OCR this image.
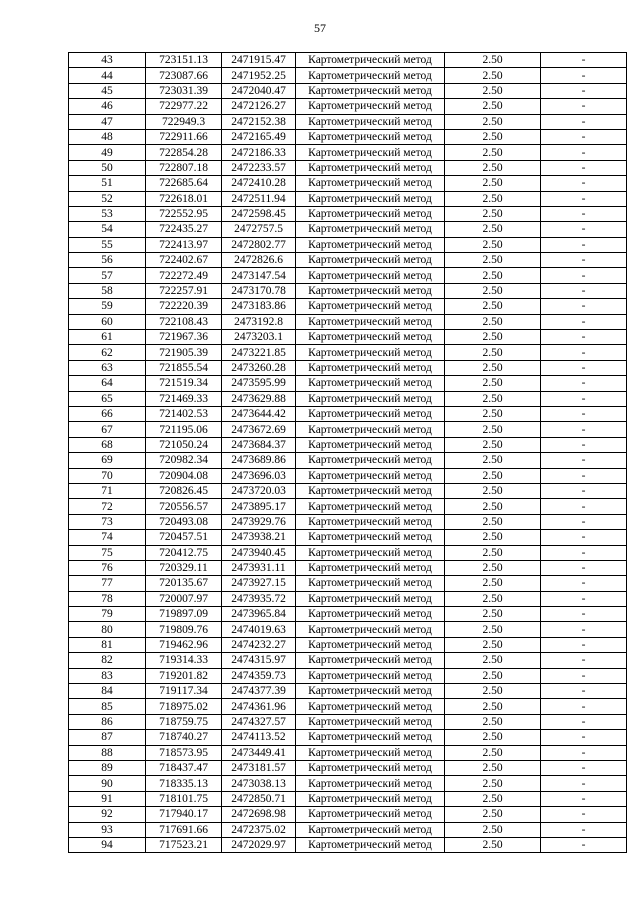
57
43	723151.13	2471915.47	Картометрический метод	2.50	-
44	723087.66	2471952.25	Картометрический метод	2.50	-
45	723031.39	2472040.47	Картометрический метод	2.50	-
46	722977.22	2472126.27	Картометрический метод	2.50	-
47	722949.3	2472152.38	Картометрический метод	2.50	-
48	722911.66	2472165.49	Картометрический метод	2.50	-
49	722854.28	2472186.33	Картометрический метод	2.50	-
50	722807.18	2472233.57	Картометрический метод	2.50	-
51	722685.64	2472410.28	Картометрический метод	2.50	-
52	722618.01	2472511.94	Картометрический метод	2.50	-
53	722552.95	2472598.45	Картометрический метод	2.50	-
54	722435.27	2472757.5	Картометрический метод	2.50	-
55	722413.97	2472802.77	Картометрический метод	2.50	-
56	722402.67	2472826.6	Картометрический метод	2.50	-
57	722272.49	2473147.54	Картометрический метод	2.50	-
58	722257.91	2473170.78	Картометрический метод	2.50	-
59	722220.39	2473183.86	Картометрический метод	2.50	-
60	722108.43	2473192.8	Картометрический метод	2.50	-
61	721967.36	2473203.1	Картометрический метод	2.50	-
62	721905.39	2473221.85	Картометрический метод	2.50	-
63	721855.54	2473260.28	Картометрический метод	2.50	-
64	721519.34	2473595.99	Картометрический метод	2.50	-
65	721469.33	2473629.88	Картометрический метод	2.50	-
66	721402.53	2473644.42	Картометрический метод	2.50	-
67	721195.06	2473672.69	Картометрический метод	2.50	-
68	721050.24	2473684.37	Картометрический метод	2.50	-
69	720982.34	2473689.86	Картометрический метод	2.50	-
70	720904.08	2473696.03	Картометрический метод	2.50	-
71	720826.45	2473720.03	Картометрический метод	2.50	-
72	720556.57	2473895.17	Картометрический метод	2.50	-
73	720493.08	2473929.76	Картометрический метод	2.50	-
74	720457.51	2473938.21	Картометрический метод	2.50	-
75	720412.75	2473940.45	Картометрический метод	2.50	-
76	720329.11	2473931.11	Картометрический метод	2.50	-
77	720135.67	2473927.15	Картометрический метод	2.50	-
78	720007.97	2473935.72	Картометрический метод	2.50	-
79	719897.09	2473965.84	Картометрический метод	2.50	-
80	719809.76	2474019.63	Картометрический метод	2.50	-
81	719462.96	2474232.27	Картометрический метод	2.50	-
82	719314.33	2474315.97	Картометрический метод	2.50	-
83	719201.82	2474359.73	Картометрический метод	2.50	-
84	719117.34	2474377.39	Картометрический метод	2.50	-
85	718975.02	2474361.96	Картометрический метод	2.50	-
86	718759.75	2474327.57	Картометрический метод	2.50	-
87	718740.27	2474113.52	Картометрический метод	2.50	-
88	718573.95	2473449.41	Картометрический метод	2.50	-
89	718437.47	2473181.57	Картометрический метод	2.50	-
90	718335.13	2473038.13	Картометрический метод	2.50	-
91	718101.75	2472850.71	Картометрический метод	2.50	-
92	717940.17	2472698.98	Картометрический метод	2.50	-
93	717691.66	2472375.02	Картометрический метод	2.50	-
94	717523.21	2472029.97	Картометрический метод	2.50	-
